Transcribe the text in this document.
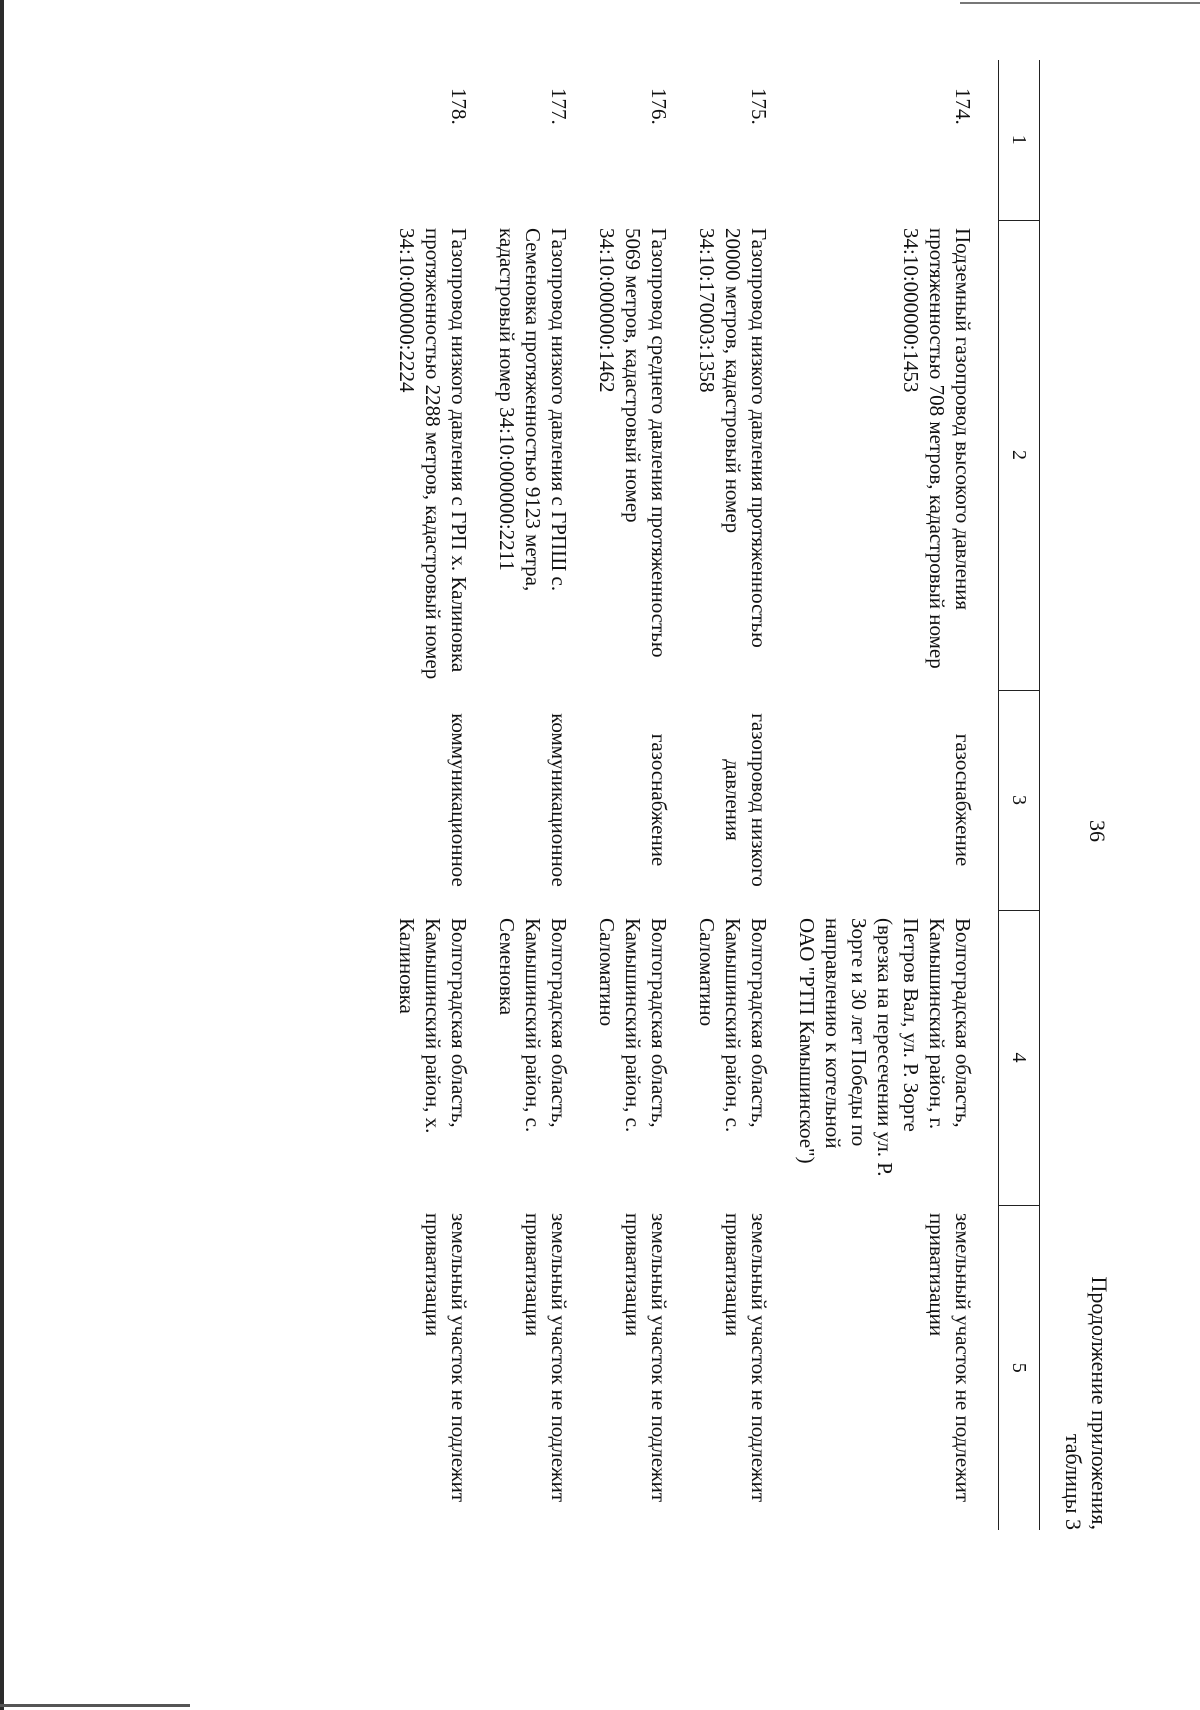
36
Продолжение приложения,
таблицы 3
1	2	3	4	5
174.	Подземный газопровод высокого давления протяженностью 708 метров, кадастровый номер 34:10:000000:1453	газоснабжение	Волгоградская область, Камышинский район, г. Петров Вал, ул. Р. Зорге (врезка на пересечении ул. Р. Зорге и 30 лет Победы по направлению к котельной ОАО "РТП Камышинское")	земельный участок не подлежит приватизации
175.	Газопровод низкого давления протяженностью 20000 метров, кадастровый номер 34:10:170003:1358	газопровод низкого давления	Волгоградская область, Камышинский район, с. Саломатино	земельный участок не подлежит приватизации
176.	Газопровод среднего давления протяженностью 5069 метров, кадастровый номер 34:10:000000:1462	газоснабжение	Волгоградская область, Камышинский район, с. Саломатино	земельный участок не подлежит приватизации
177.	Газопровод низкого давления с ГРПШ с. Семеновка протяженностью 9123 метра, кадастровый номер 34:10:000000:2211	коммуникационное	Волгоградская область, Камышинский район, с. Семеновка	земельный участок не подлежит приватизации
178.	Газопровод низкого давления с ГРП х. Калиновка протяженностью 2288 метров, кадастровый номер 34:10:000000:2224	коммуникационное	Волгоградская область, Камышинский район, х. Калиновка	земельный участок не подлежит приватизации
